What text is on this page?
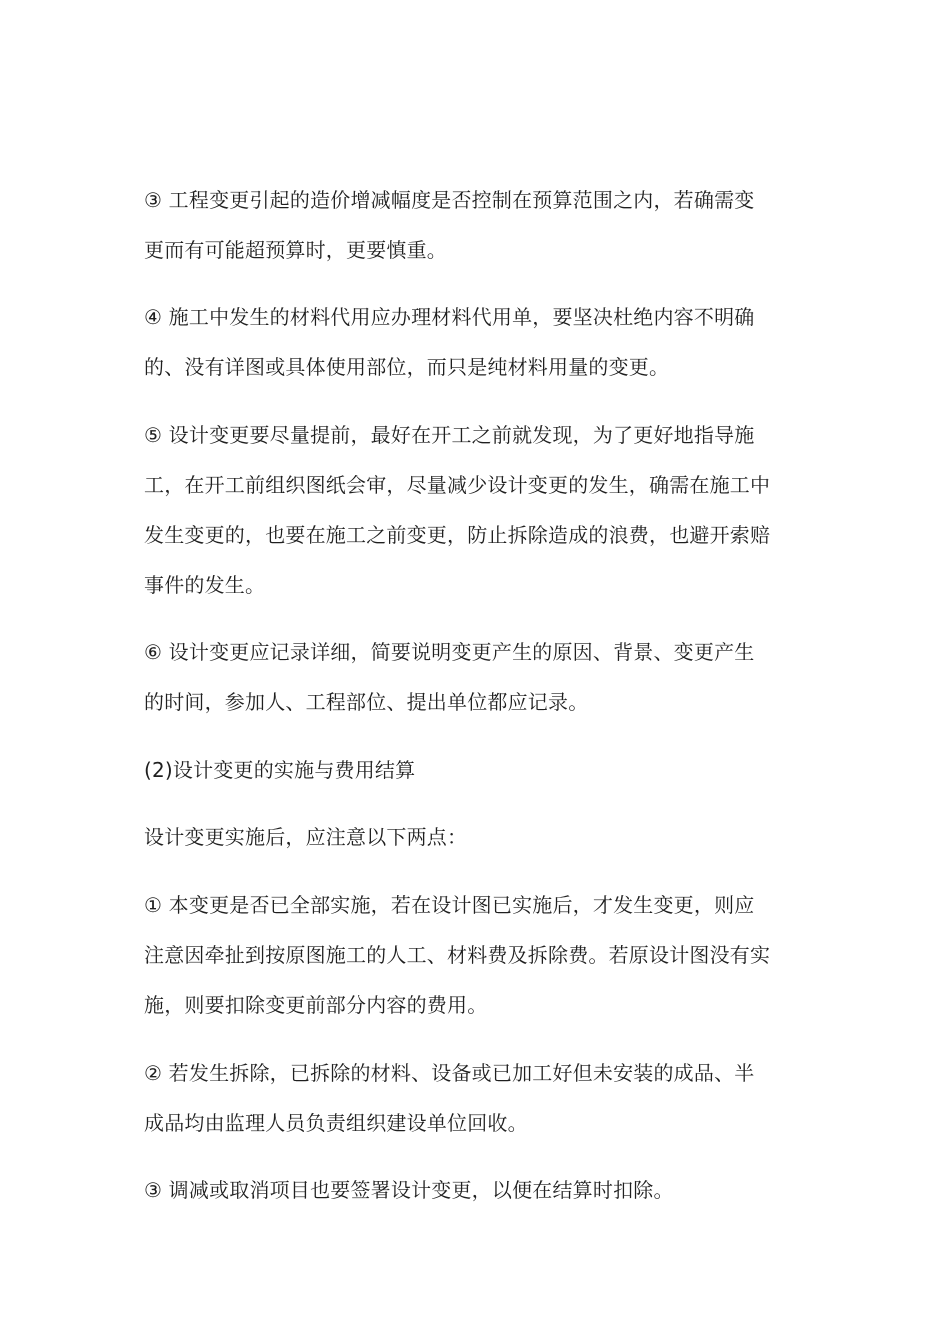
③ 工程变更引起的造价增减幅度是否控制在预算范围之内，若确需变
更而有可能超预算时，更要慎重。

④ 施工中发生的材料代用应办理材料代用单，要坚决杜绝内容不明确
的、没有详图或具体使用部位，而只是纯材料用量的变更。

⑤ 设计变更要尽量提前，最好在开工之前就发现，为了更好地指导施
工，在开工前组织图纸会审，尽量减少设计变更的发生，确需在施工中
发生变更的，也要在施工之前变更，防止拆除造成的浪费，也避开索赔
事件的发生。

⑥ 设计变更应记录详细，简要说明变更产生的原因、背景、变更产生
的时间，参加人、工程部位、提出单位都应记录。

(2)设计变更的实施与费用结算

设计变更实施后，应注意以下两点：

① 本变更是否已全部实施，若在设计图已实施后，才发生变更，则应
注意因牵扯到按原图施工的人工、材料费及拆除费。若原设计图没有实
施，则要扣除变更前部分内容的费用。

② 若发生拆除，已拆除的材料、设备或已加工好但未安装的成品、半
成品均由监理人员负责组织建设单位回收。

③ 调减或取消项目也要签署设计变更，以便在结算时扣除。
